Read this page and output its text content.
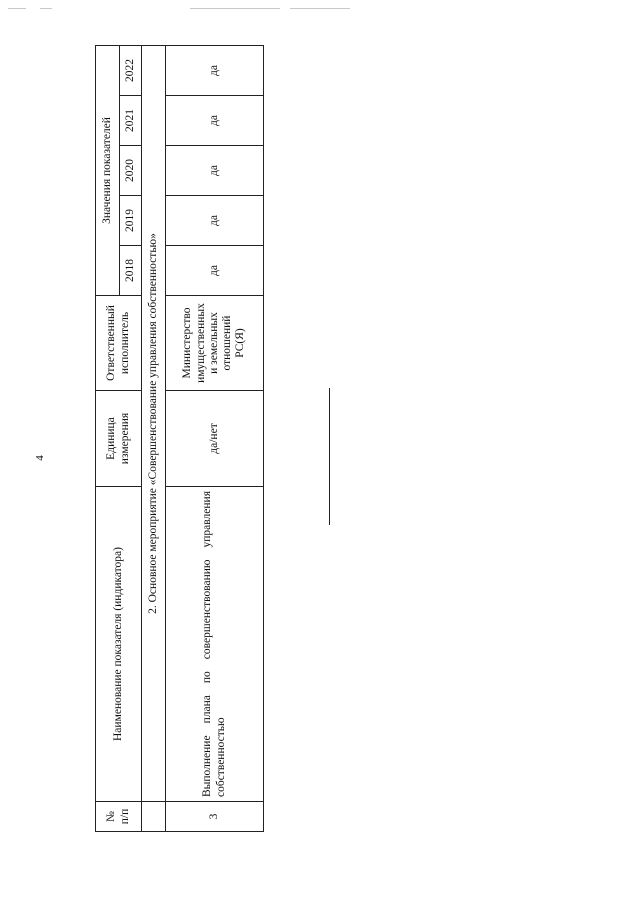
4
№ п/п	Наименование показателя (индикатора)	Единица измерения	Ответственный исполнитель	Значения показателей				
				2018	2019	2020	2021	2022
	2. Основное мероприятие «Совершенствование управления собственностью»							
3	Выполнение плана по совершенствованию управления собственностью	да/нет	Министерство имущественных и земельных отношений РС(Я)	да	да	да	да	да
